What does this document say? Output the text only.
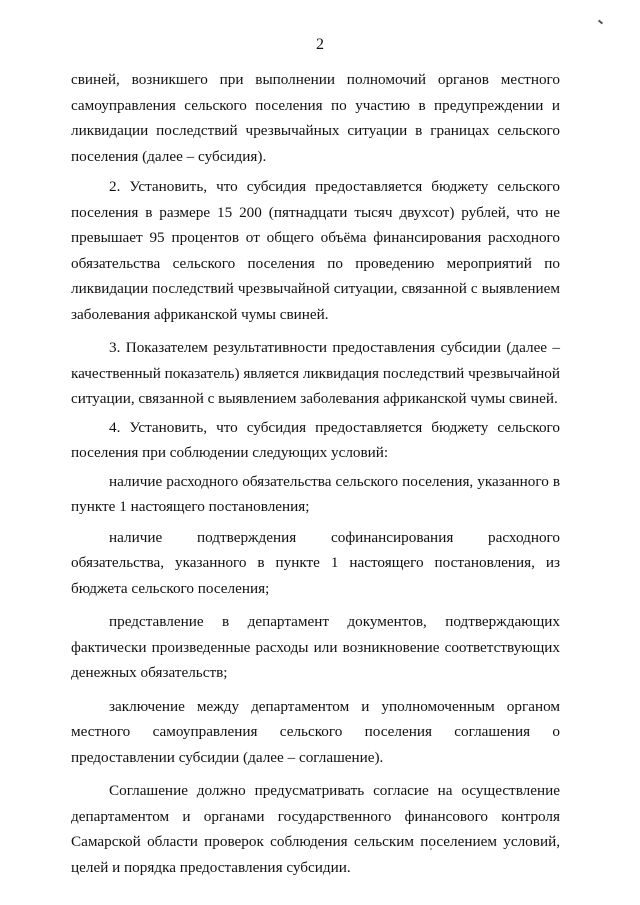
2

свиней, возникшего при выполнении полномочий органов местного самоуправления сельского поселения по участию в предупреждении и ликвидации последствий чрезвычайных ситуации в границах сельского поселения (далее – субсидия).

2. Установить, что субсидия предоставляется бюджету сельского поселения в размере 15 200 (пятнадцати тысяч двухсот) рублей, что не превышает 95 процентов от общего объёма финансирования расходного обязательства сельского поселения по проведению мероприятий по ликвидации последствий чрезвычайной ситуации, связанной с выявлением заболевания африканской чумы свиней.

3. Показателем результативности предоставления субсидии (далее – качественный показатель) является ликвидация последствий чрезвычайной ситуации, связанной с выявлением заболевания африканской чумы свиней.

4. Установить, что субсидия предоставляется бюджету сельского поселения при соблюдении следующих условий:

наличие расходного обязательства сельского поселения, указанного в пункте 1 настоящего постановления;

наличие подтверждения софинансирования расходного обязательства, указанного в пункте 1 настоящего постановления, из бюджета сельского поселения;

представление в департамент документов, подтверждающих фактически произведенные расходы или возникновение соответствующих денежных обязательств;

заключение между департаментом и уполномоченным органом местного самоуправления сельского поселения соглашения о предоставлении субсидии (далее – соглашение).

Соглашение должно предусматривать согласие на осуществление департаментом и органами государственного финансового контроля Самарской области проверок соблюдения сельским поселением условий, целей и порядка предоставления субсидии.
